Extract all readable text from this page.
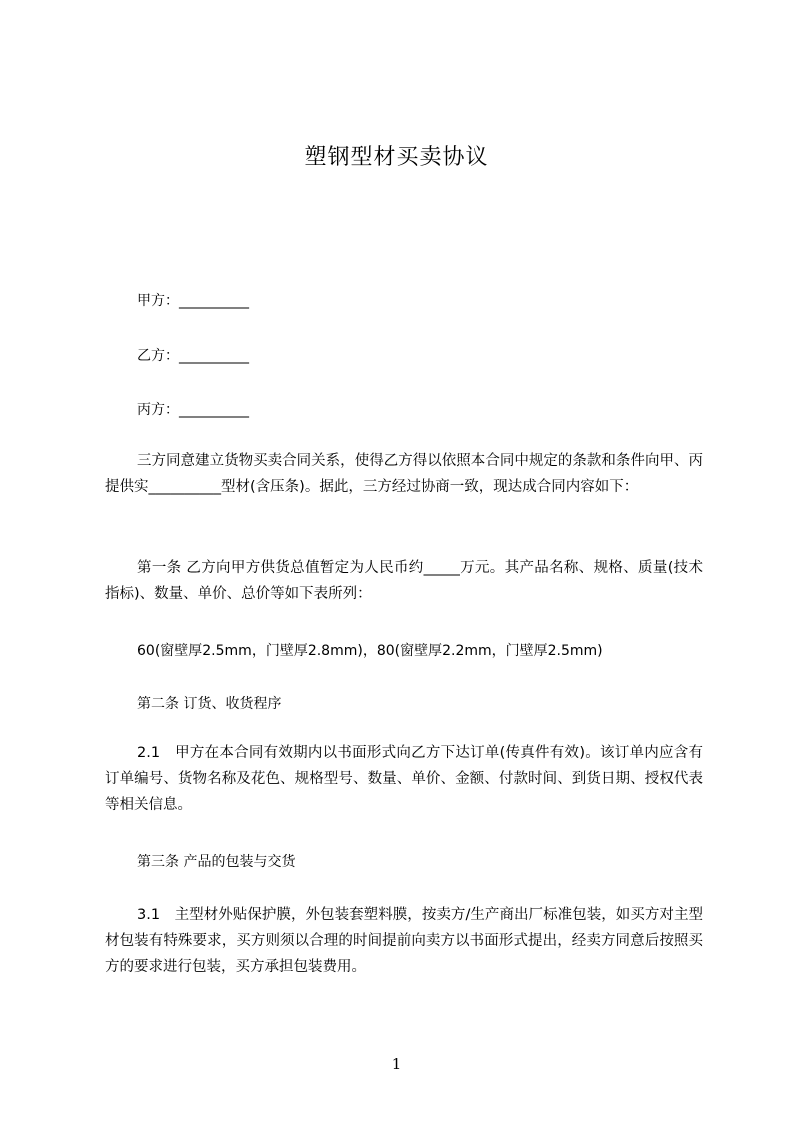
塑钢型材买卖协议
甲方：__________
乙方：__________
丙方：__________
三方同意建立货物买卖合同关系，使得乙方得以依照本合同中规定的条款和条件向甲、丙提供实__________型材(含压条)。据此，三方经过协商一致，现达成合同内容如下：
第一条 乙方向甲方供货总值暂定为人民币约_____万元。其产品名称、规格、质量(技术指标)、数量、单价、总价等如下表所列：
60(窗壁厚2.5mm，门壁厚2.8mm)，80(窗壁厚2.2mm，门壁厚2.5mm)
第二条 订货、收货程序
2.1　甲方在本合同有效期内以书面形式向乙方下达订单(传真件有效)。该订单内应含有订单编号、货物名称及花色、规格型号、数量、单价、金额、付款时间、到货日期、授权代表等相关信息。
第三条 产品的包装与交货
3.1　主型材外贴保护膜，外包装套塑料膜，按卖方/生产商出厂标准包装，如买方对主型材包装有特殊要求，买方则须以合理的时间提前向卖方以书面形式提出，经卖方同意后按照买方的要求进行包装，买方承担包装费用。
1
